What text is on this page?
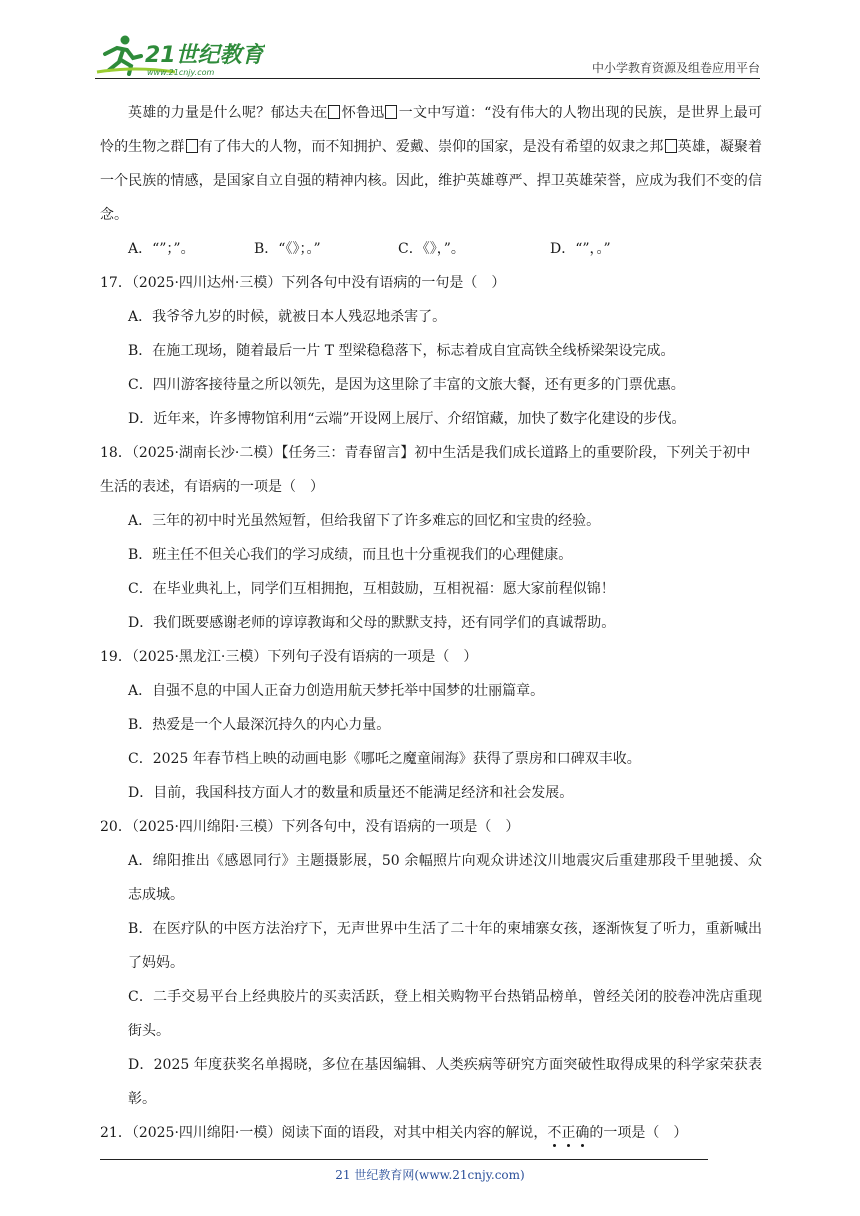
21世纪教育
www.21cnjy.com	中小学教育资源及组卷应用平台

英雄的力量是什么呢？郁达夫在 怀鲁迅 一文中写道：“没有伟大的人物出现的民族，是世界上最可怜的生物之群 有了伟大的人物，而不知拥护、爱戴、崇仰的国家，是没有希望的奴隶之邦 英雄，凝聚着一个民族的情感，是国家自立自强的精神内核。因此，维护英雄尊严、捍卫英雄荣誉，应成为我们不变的信念。

A．“”；”。	B．“《》；。”	C．《》，”。	D．“”，。”

17．（2025·四川达州·三模）下列各句中没有语病的一句是（　）

A．我爷爷九岁的时候，就被日本人残忍地杀害了。

B．在施工现场，随着最后一片 T 型梁稳稳落下，标志着成自宜高铁全线桥梁架设完成。

C．四川游客接待量之所以领先，是因为这里除了丰富的文旅大餐，还有更多的门票优惠。

D．近年来，许多博物馆利用“云端”开设网上展厅、介绍馆藏，加快了数字化建设的步伐。

18．（2025·湖南长沙·二模）【任务三：青春留言】初中生活是我们成长道路上的重要阶段，下列关于初中生活的表述，有语病的一项是（　）

A．三年的初中时光虽然短暂，但给我留下了许多难忘的回忆和宝贵的经验。

B．班主任不但关心我们的学习成绩，而且也十分重视我们的心理健康。

C．在毕业典礼上，同学们互相拥抱，互相鼓励，互相祝福：愿大家前程似锦！

D．我们既要感谢老师的谆谆教诲和父母的默默支持，还有同学们的真诚帮助。

19．（2025·黑龙江·三模）下列句子没有语病的一项是（　）

A．自强不息的中国人正奋力创造用航天梦托举中国梦的壮丽篇章。

B．热爱是一个人最深沉持久的内心力量。

C．2025 年春节档上映的动画电影《哪吒之魔童闹海》获得了票房和口碑双丰收。

D．目前，我国科技方面人才的数量和质量还不能满足经济和社会发展。

20．（2025·四川绵阳·三模）下列各句中，没有语病的一项是（　）

A．绵阳推出《感恩同行》主题摄影展，50 余幅照片向观众讲述汶川地震灾后重建那段千里驰援、众志成城。

B．在医疗队的中医方法治疗下，无声世界中生活了二十年的柬埔寨女孩，逐渐恢复了听力，重新喊出了妈妈。

C．二手交易平台上经典胶片的买卖活跃，登上相关购物平台热销品榜单，曾经关闭的胶卷冲洗店重现街头。

D．2025 年度获奖名单揭晓，多位在基因编辑、人类疾病等研究方面突破性取得成果的科学家荣获表彰。

21．（2025·四川绵阳·一模）阅读下面的语段，对其中相关内容的解说，不正确的一项是（　）

21 世纪教育网(www.21cnjy.com)
